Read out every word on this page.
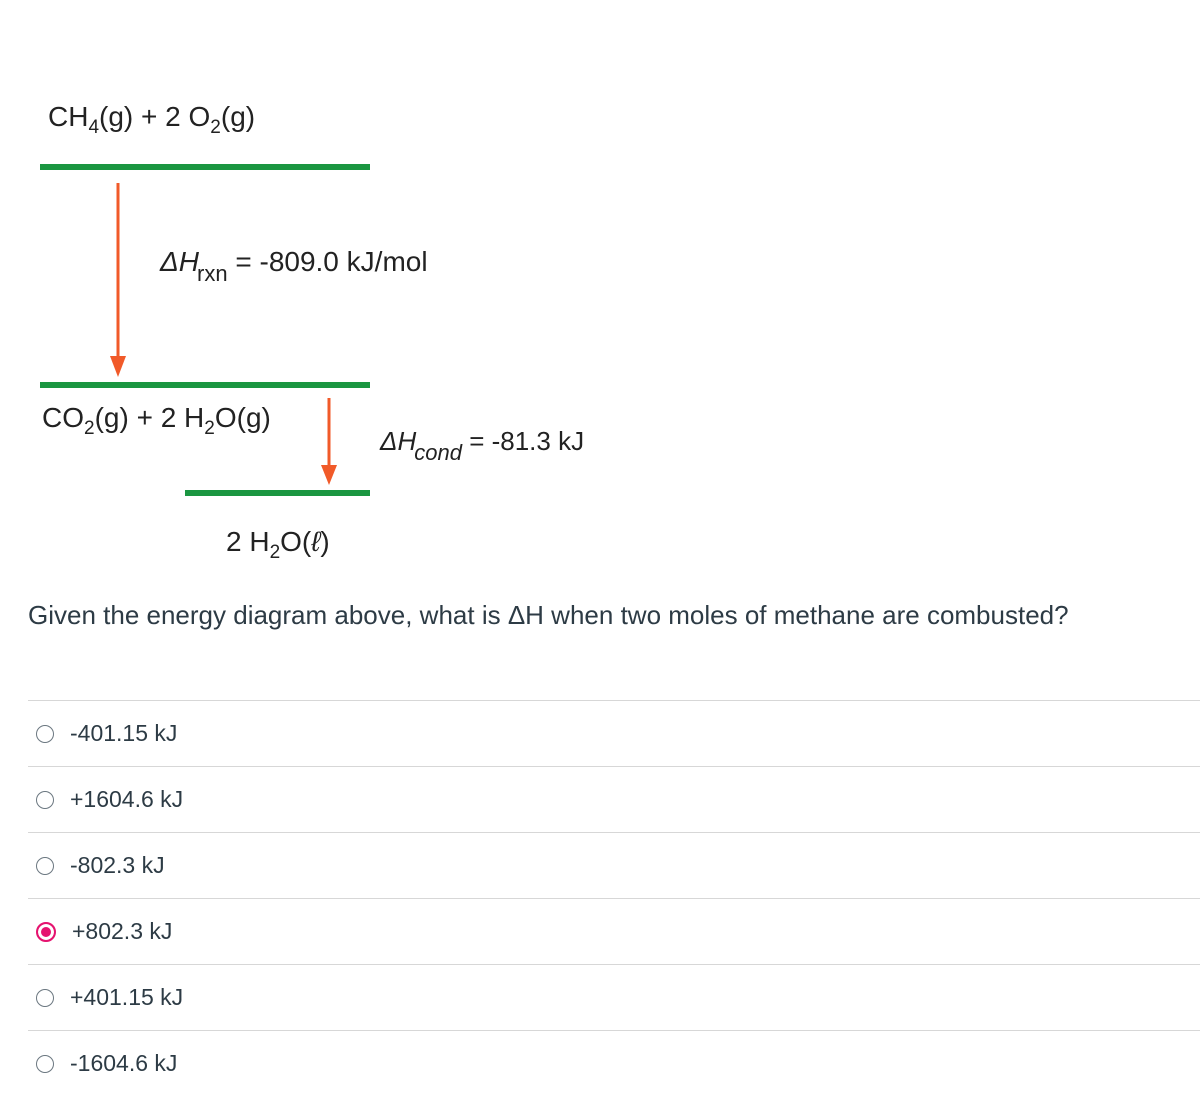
$CH_4(g) + 2$ $O_2(g)$
$\Delta H_{rxn} = -809.0$ kJ/mol
$CO_2(g) + 2$ $H_2O(g)$
$\Delta H_{cond} = -81.3$ kJ
2 $H_2O(\ell)$
Given the energy diagram above, what is ΔH when two moles of methane are combusted?
-401.15 kJ
+1604.6 kJ
-802.3 kJ
+802.3 kJ
+401.15 kJ
-1604.6 kJ
